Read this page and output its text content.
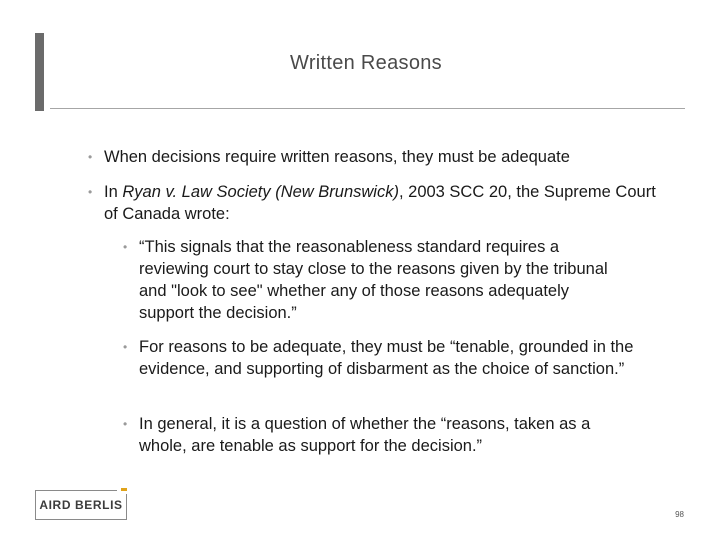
Written Reasons
• When decisions require written reasons, they must be adequate
• In Ryan v. Law Society (New Brunswick), 2003 SCC 20, the Supreme Court of Canada wrote:
• “This signals that the reasonableness standard requires a reviewing court to stay close to the reasons given by the tribunal and "look to see" whether any of those reasons adequately support the decision.”
• For reasons to be adequate, they must be “tenable, grounded in the evidence, and supporting of disbarment as the choice of sanction.”
• In general, it is a question of whether the “reasons, taken as a whole, are tenable as support for the decision.”
AIRD BERLIS
98
